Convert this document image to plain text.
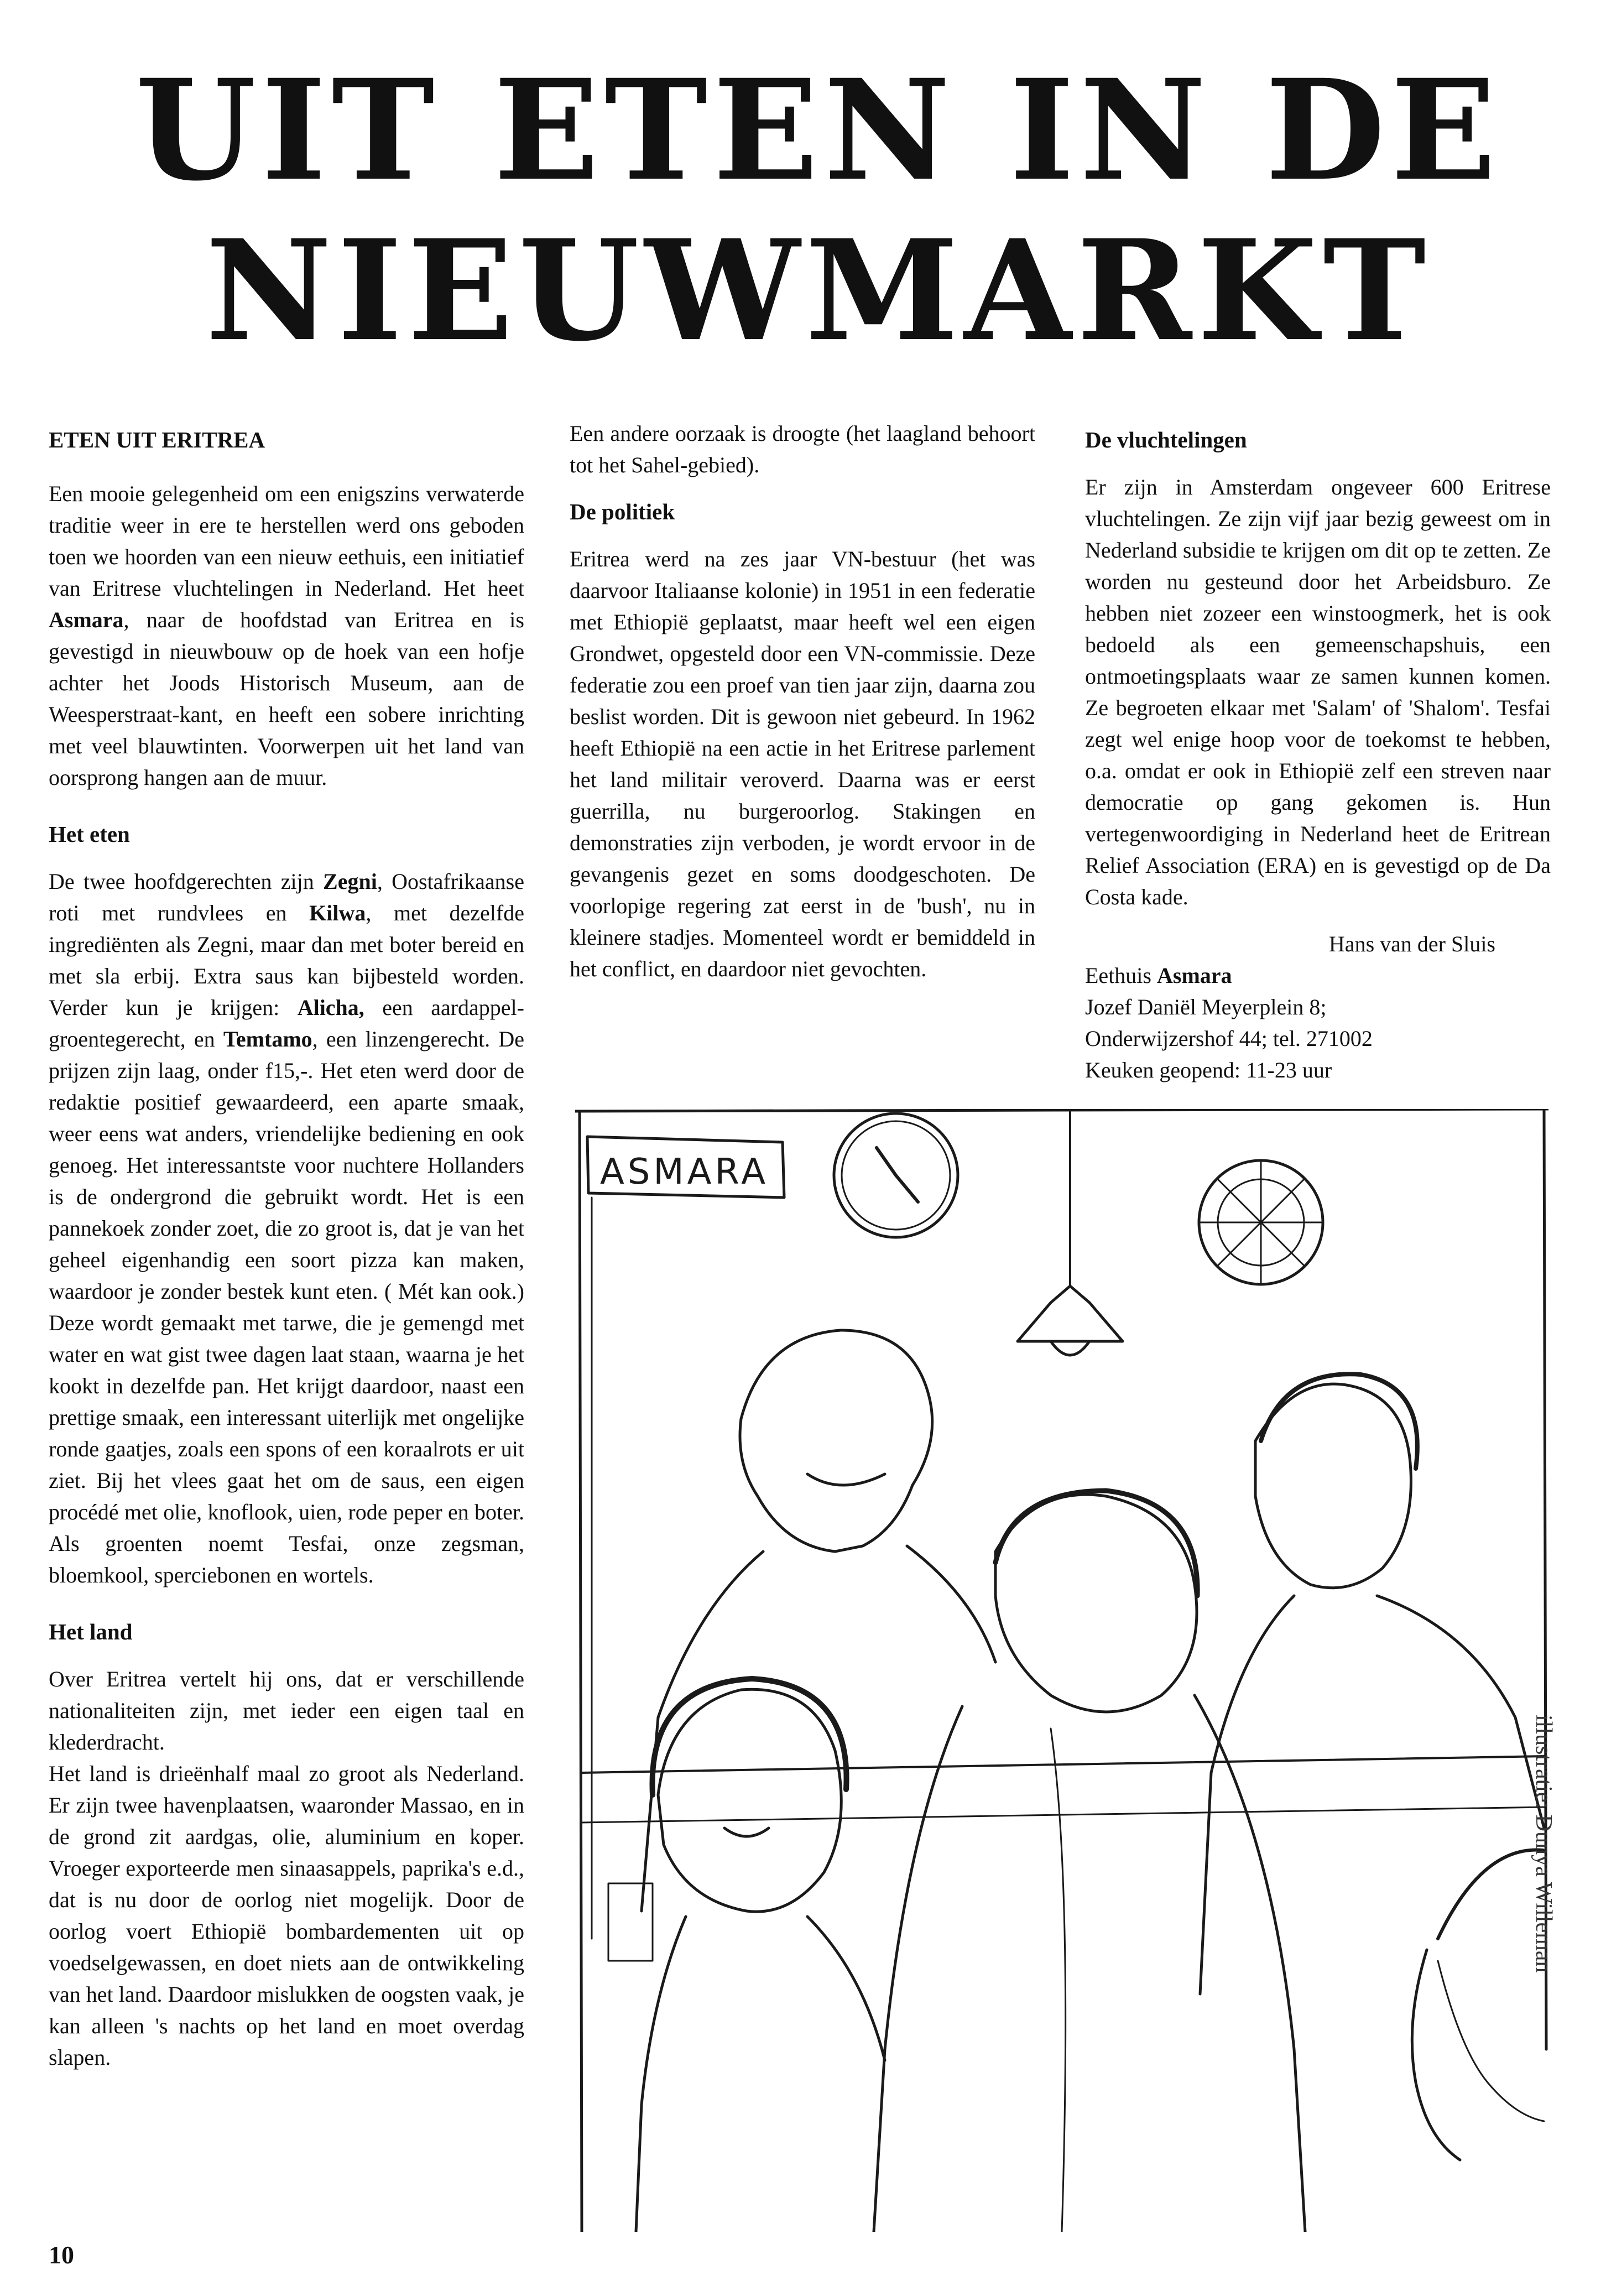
UIT ETEN IN DE
NIEUWMARKT
ETEN UIT ERITREA

Een mooie gelegenheid om een enigszins verwaterde traditie weer in ere te herstellen werd ons geboden toen we hoorden van een nieuw eethuis, een initiatief van Eritrese vluchtelingen in Nederland. Het heet Asmara, naar de hoofdstad van Eritrea en is gevestigd in nieuwbouw op de hoek van een hofje achter het Joods Historisch Museum, aan de Weesperstraat-kant, en heeft een sobere inrichting met veel blauwtinten. Voorwerpen uit het land van oorsprong hangen aan de muur.

Het eten

De twee hoofdgerechten zijn Zegni, Oostafrikaanse roti met rundvlees en Kilwa, met dezelfde ingrediënten als Zegni, maar dan met boter bereid en met sla erbij. Extra saus kan bijbesteld worden. Verder kun je krijgen: Alicha, een aardappel-groentegerecht, en Temtamo, een linzengerecht. De prijzen zijn laag, onder f15,-. Het eten werd door de redaktie positief gewaardeerd, een aparte smaak, weer eens wat anders, vriendelijke bediening en ook genoeg. Het interessantste voor nuchtere Hollanders is de ondergrond die gebruikt wordt. Het is een pannekoek zonder zoet, die zo groot is, dat je van het geheel eigenhandig een soort pizza kan maken, waardoor je zonder bestek kunt eten. ( Mét kan ook.) Deze wordt gemaakt met tarwe, die je gemengd met water en wat gist twee dagen laat staan, waarna je het kookt in dezelfde pan. Het krijgt daardoor, naast een prettige smaak, een interessant uiterlijk met ongelijke ronde gaatjes, zoals een spons of een koraalrots er uit ziet. Bij het vlees gaat het om de saus, een eigen procédé met olie, knoflook, uien, rode peper en boter. Als groenten noemt Tesfai, onze zegsman, bloemkool, sperciebonen en wortels.

Het land

Over Eritrea vertelt hij ons, dat er verschillende nationaliteiten zijn, met ieder een eigen taal en klederdracht.

Het land is drieënhalf maal zo groot als Nederland. Er zijn twee havenplaatsen, waaronder Massao, en in de grond zit aardgas, olie, aluminium en koper. Vroeger exporteerde men sinaasappels, paprika's e.d., dat is nu door de oorlog niet mogelijk. Door de oorlog voert Ethiopië bombardementen uit op voedselgewassen, en doet niets aan de ontwikkeling van het land. Daardoor mislukken de oogsten vaak, je kan alleen 's nachts op het land en moet overdag slapen.

Een andere oorzaak is droogte (het laagland behoort tot het Sahel-gebied).

De politiek

Eritrea werd na zes jaar VN-bestuur (het was daarvoor Italiaanse kolonie) in 1951 in een federatie met Ethiopië geplaatst, maar heeft wel een eigen Grondwet, opgesteld door een VN-commissie. Deze federatie zou een proef van tien jaar zijn, daarna zou beslist worden. Dit is gewoon niet gebeurd. In 1962 heeft Ethiopië na een actie in het Eritrese parlement het land militair veroverd. Daarna was er eerst guerrilla, nu burgeroorlog. Stakingen en demonstraties zijn verboden, je wordt ervoor in de gevangenis gezet en soms doodgeschoten. De voorlopige regering zat eerst in de 'bush', nu in kleinere stadjes. Momenteel wordt er bemiddeld in het conflict, en daardoor niet gevochten.

De vluchtelingen

Er zijn in Amsterdam ongeveer 600 Eritrese vluchtelingen. Ze zijn vijf jaar bezig geweest om in Nederland subsidie te krijgen om dit op te zetten. Ze worden nu gesteund door het Arbeidsburo. Ze hebben niet zozeer een winstoogmerk, het is ook bedoeld als een gemeenschapshuis, een ontmoetingsplaats waar ze samen kunnen komen. Ze begroeten elkaar met 'Salam' of 'Shalom'. Tesfai zegt wel enige hoop voor de toekomst te hebben, o.a. omdat er ook in Ethiopië zelf een streven naar democratie op gang gekomen is. Hun vertegenwoordiging in Nederland heet de Eritrean Relief Association (ERA) en is gevestigd op de Da Costa kade.

Hans van der Sluis
Eethuis Asmara
Jozef Daniël Meyerplein 8;
Onderwijzershof 44; tel. 271002
Keuken geopend: 11-23 uur
ASMARA
illustratie: Dunya Willeman
10
